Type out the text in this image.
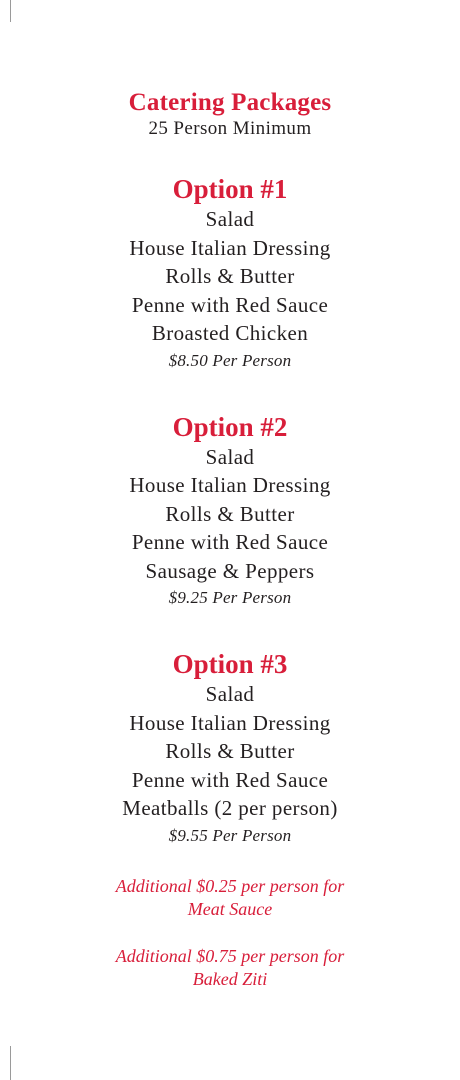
Catering Packages
25 Person Minimum
Option #1
Salad
House Italian Dressing
Rolls & Butter
Penne with Red Sauce
Broasted Chicken
$8.50 Per Person
Option #2
Salad
House Italian Dressing
Rolls & Butter
Penne with Red Sauce
Sausage & Peppers
$9.25 Per Person
Option #3
Salad
House Italian Dressing
Rolls & Butter
Penne with Red Sauce
Meatballs (2 per person)
$9.55 Per Person
Additional $0.25 per person for
Meat Sauce
Additional $0.75 per person for
Baked Ziti
